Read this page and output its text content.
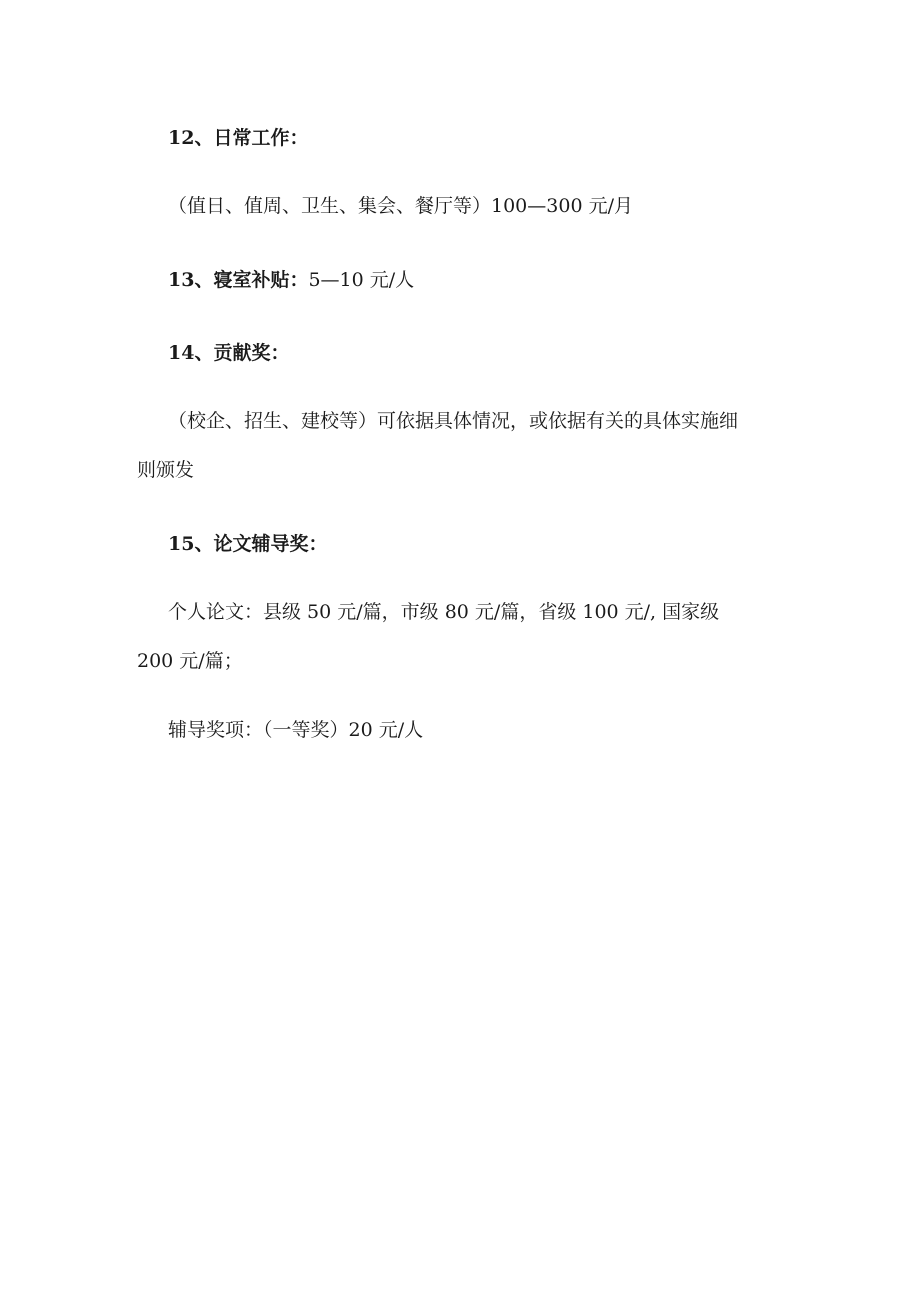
12、日常工作：
（值日、值周、卫生、集会、餐厅等）100—300 元/月
13、寝室补贴：5—10 元/人
14、贡献奖：
（校企、招生、建校等）可依据具体情况，或依据有关的具体实施细
则颁发
15、论文辅导奖：
个人论文：县级 50 元/篇，市级 80 元/篇，省级 100 元/, 国家级
200 元/篇；
辅导奖项：（一等奖）20 元/人
